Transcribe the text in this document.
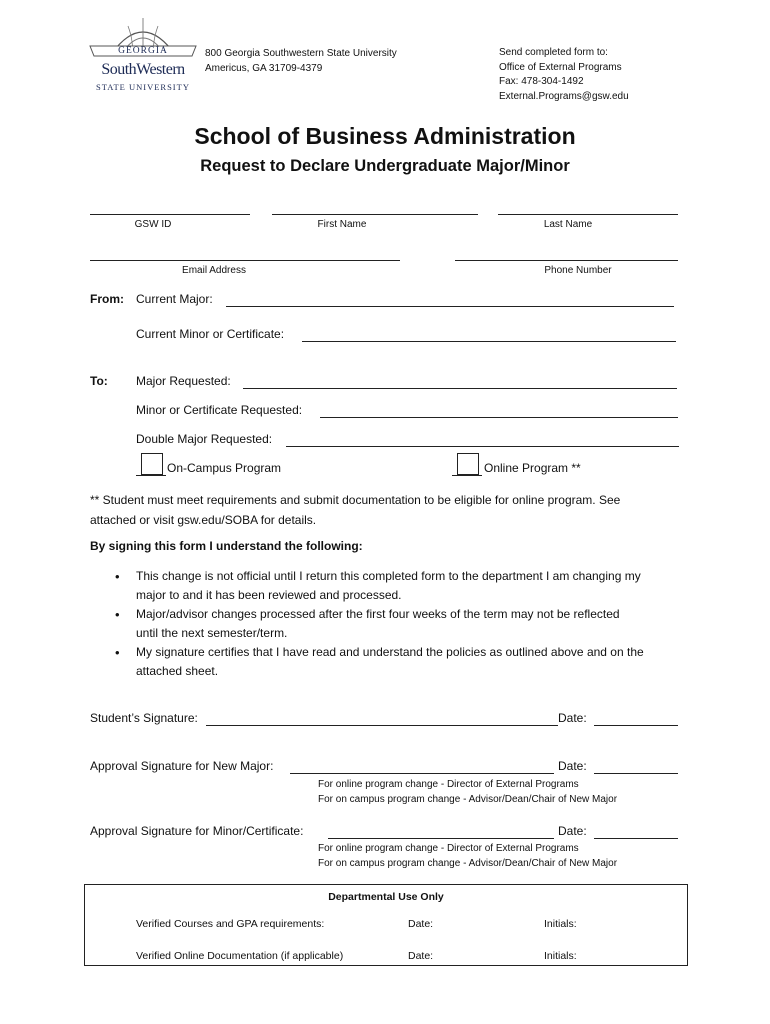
GEORGIA
SouthWestern
STATE UNIVERSITY
800 Georgia Southwestern State University
Americus, GA 31709-4379
Send completed form to:
Office of External Programs
Fax: 478-304-1492
External.Programs@gsw.edu
School of Business Administration
Request to Declare Undergraduate Major/Minor
GSW ID	First Name	Last Name
Email Address	Phone Number
From: Current Major:
Current Minor or Certificate:
To: Major Requested:
Minor or Certificate Requested:
Double Major Requested:
On-Campus Program	Online Program **
** Student must meet requirements and submit documentation to be eligible for online program. See
attached or visit gsw.edu/SOBA for details.
By signing this form I understand the following:
• This change is not official until I return this completed form to the department I am changing my
major to and it has been reviewed and processed.
• Major/advisor changes processed after the first four weeks of the term may not be reflected
until the next semester/term.
• My signature certifies that I have read and understand the policies as outlined above and on the
attached sheet.
Student’s Signature:	Date:
Approval Signature for New Major:	Date:
For online program change - Director of External Programs
For on campus program change - Advisor/Dean/Chair of New Major
Approval Signature for Minor/Certificate:	Date:
For online program change - Director of External Programs
For on campus program change - Advisor/Dean/Chair of New Major
Departmental Use Only
Verified Courses and GPA requirements:	Date:	Initials:
Verified Online Documentation (if applicable)	Date:	Initials:
